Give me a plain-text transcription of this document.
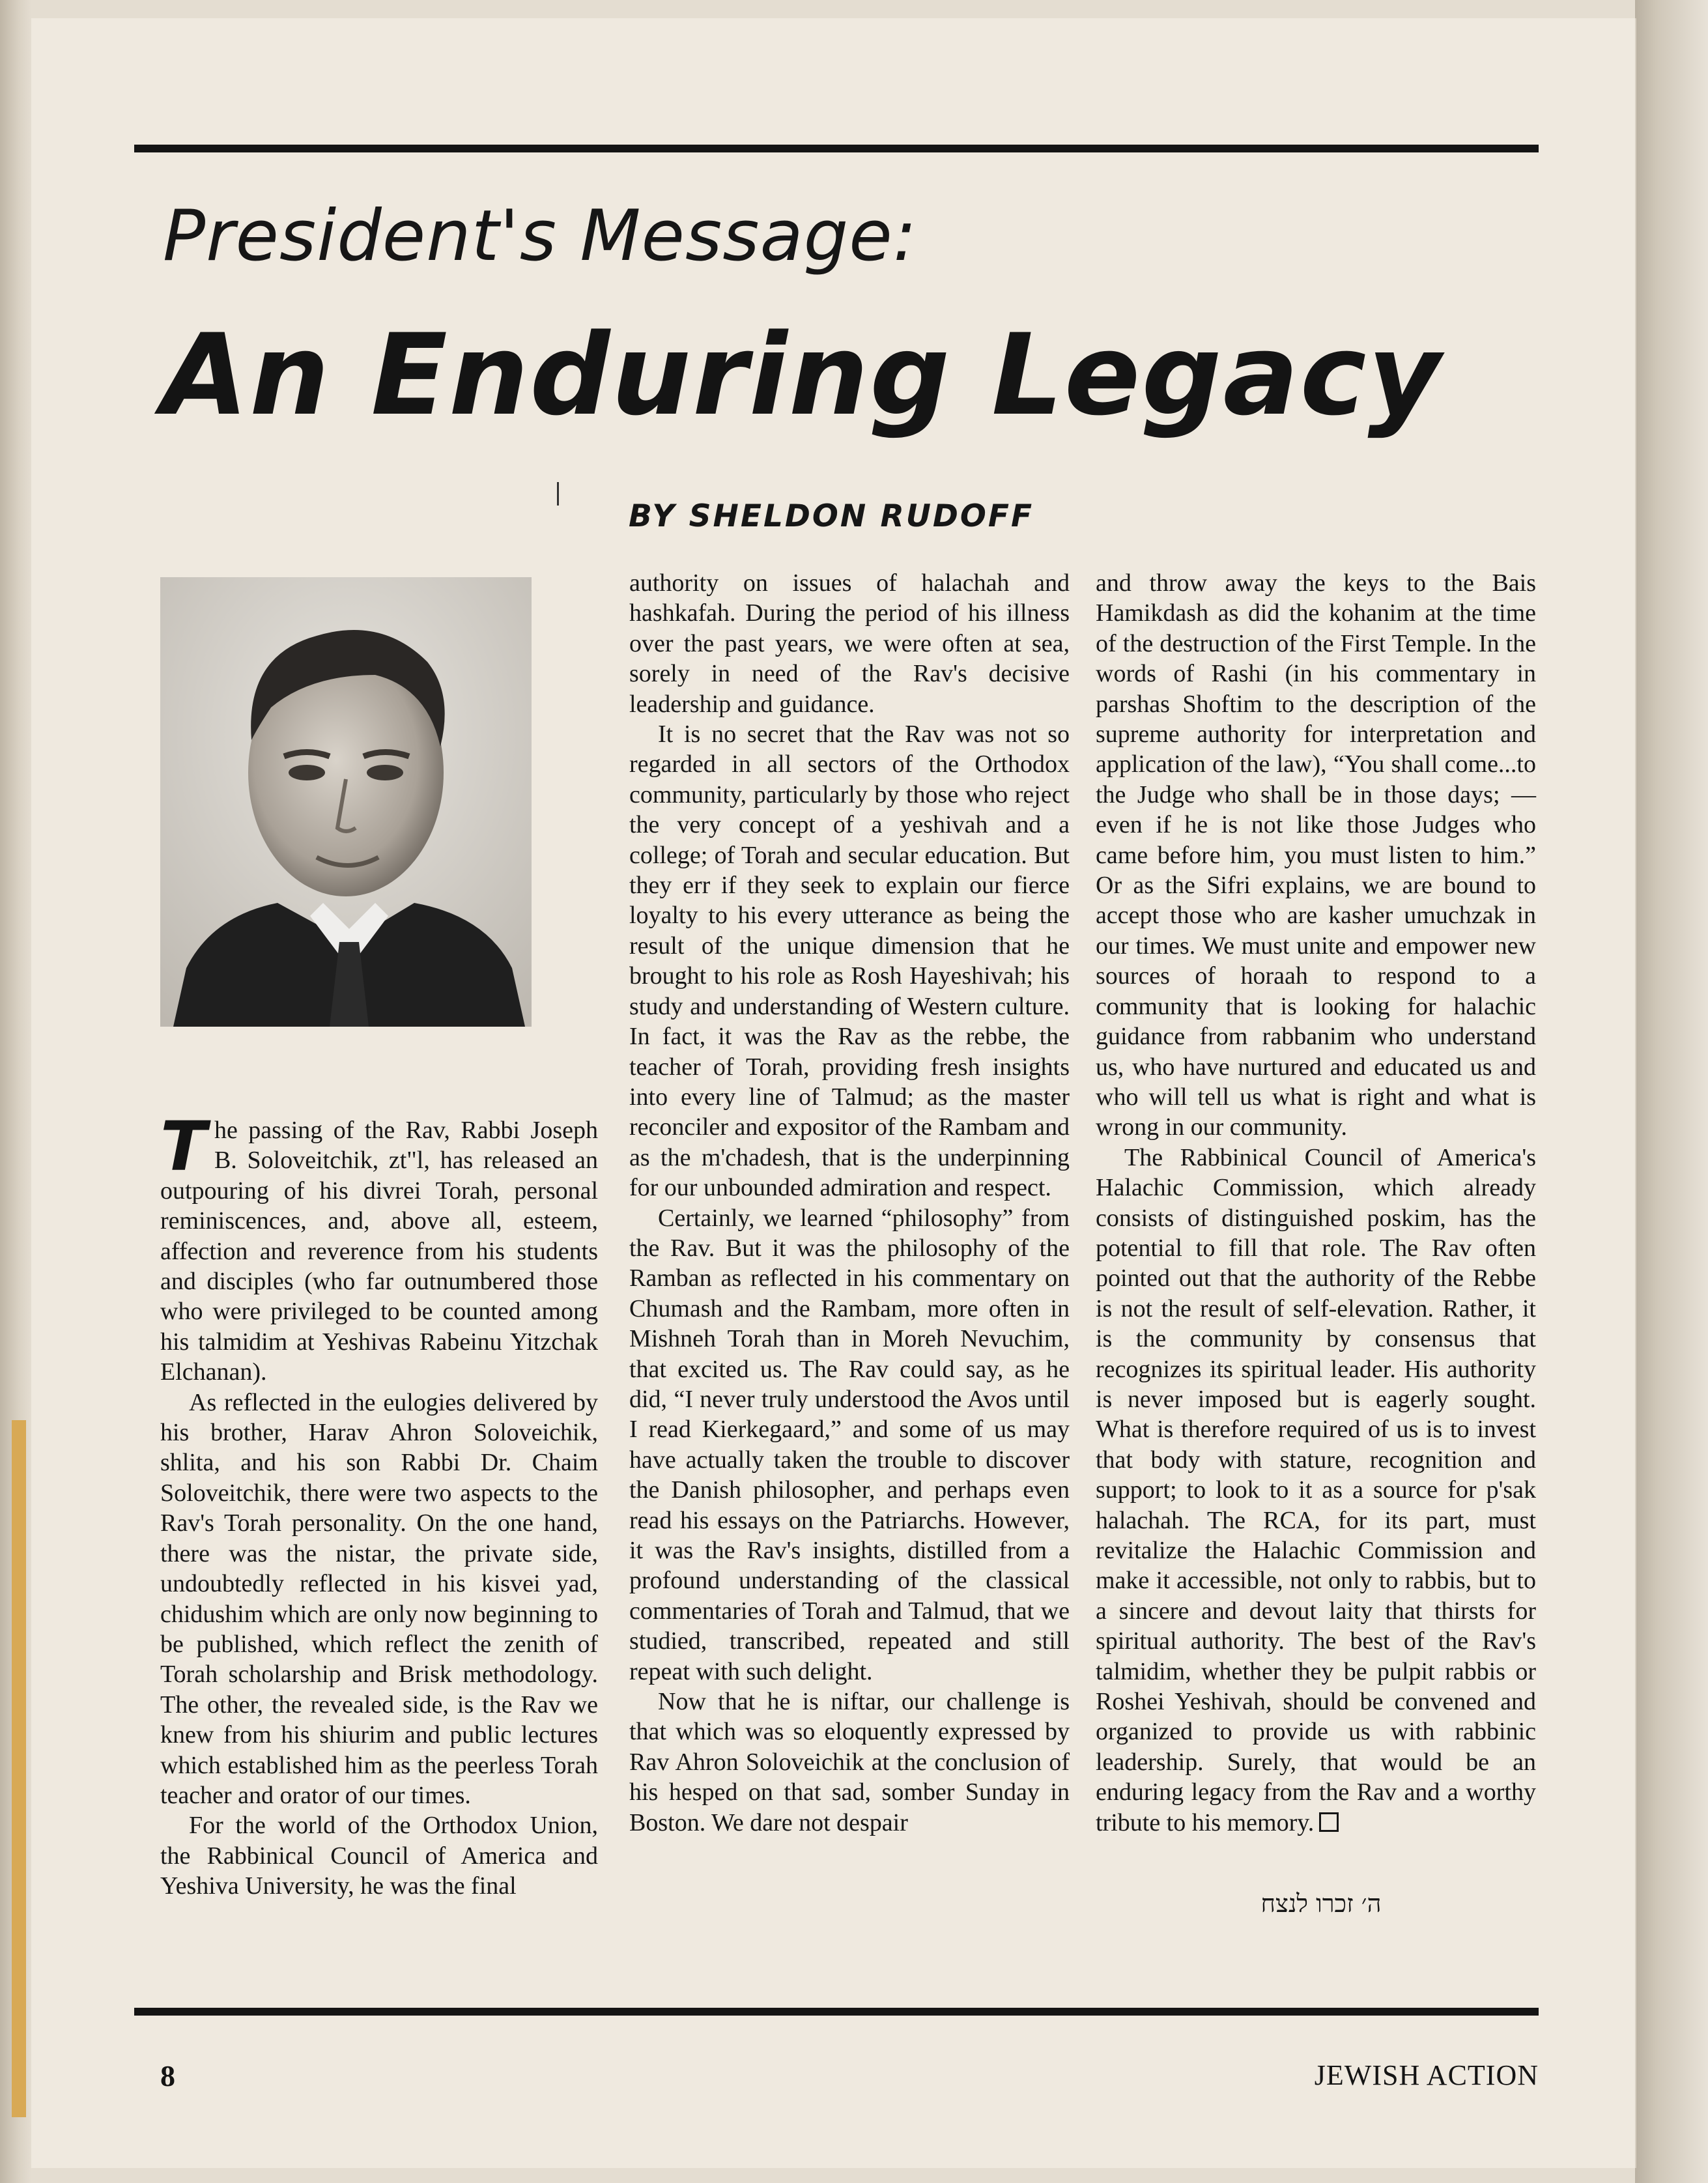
President's Message:
An Enduring Legacy
BY SHELDON RUDOFF

The passing of the Rav, Rabbi Joseph B. Soloveitchik, zt"l, has released an outpouring of his divrei Torah, personal reminiscences, and, above all, esteem, affection and reverence from his students and disciples (who far outnumbered those who were privileged to be counted among his talmidim at Yeshivas Rabeinu Yitzchak Elchanan).

As reflected in the eulogies delivered by his brother, Harav Ahron Soloveichik, shlita, and his son Rabbi Dr. Chaim Soloveitchik, there were two aspects to the Rav's Torah personality. On the one hand, there was the nistar, the private side, undoubtedly reflected in his kisvei yad, chidushim which are only now beginning to be published, which reflect the zenith of Torah scholarship and Brisk methodology. The other, the revealed side, is the Rav we knew from his shiurim and public lectures which established him as the peerless Torah teacher and orator of our times.

For the world of the Orthodox Union, the Rabbinical Council of America and Yeshiva University, he was the final

authority on issues of halachah and hashkafah. During the period of his illness over the past years, we were often at sea, sorely in need of the Rav's decisive leadership and guidance.

It is no secret that the Rav was not so regarded in all sectors of the Orthodox community, particularly by those who reject the very concept of a yeshivah and a college; of Torah and secular education. But they err if they seek to explain our fierce loyalty to his every utterance as being the result of the unique dimension that he brought to his role as Rosh Hayeshivah; his study and understanding of Western culture. In fact, it was the Rav as the rebbe, the teacher of Torah, providing fresh insights into every line of Talmud; as the master reconciler and expositor of the Rambam and as the m'chadesh, that is the underpinning for our unbounded admiration and respect.

Certainly, we learned “philosophy” from the Rav. But it was the philosophy of the Ramban as reflected in his commentary on Chumash and the Rambam, more often in Mishneh Torah than in Moreh Nevuchim, that excited us. The Rav could say, as he did, “I never truly understood the Avos until I read Kierkegaard,” and some of us may have actually taken the trouble to discover the Danish philosopher, and perhaps even read his essays on the Patriarchs. However, it was the Rav's insights, distilled from a profound understanding of the classical commentaries of Torah and Talmud, that we studied, transcribed, repeated and still repeat with such delight.

Now that he is niftar, our challenge is that which was so eloquently expressed by Rav Ahron Soloveichik at the conclusion of his hesped on that sad, somber Sunday in Boston. We dare not despair

and throw away the keys to the Bais Hamikdash as did the kohanim at the time of the destruction of the First Temple. In the words of Rashi (in his commentary in parshas Shoftim to the description of the supreme authority for interpretation and application of the law), “You shall come...to the Judge who shall be in those days; — even if he is not like those Judges who came before him, you must listen to him.” Or as the Sifri explains, we are bound to accept those who are kasher umuchzak in our times. We must unite and empower new sources of horaah to respond to a community that is looking for halachic guidance from rabbanim who understand us, who have nurtured and educated us and who will tell us what is right and what is wrong in our community.

The Rabbinical Council of America's Halachic Commission, which already consists of distinguished poskim, has the potential to fill that role. The Rav often pointed out that the authority of the Rebbe is not the result of self-elevation. Rather, it is the community by consensus that recognizes its spiritual leader. His authority is never imposed but is eagerly sought. What is therefore required of us is to invest that body with stature, recognition and support; to look to it as a source for p'sak halachah. The RCA, for its part, must revitalize the Halachic Commission and make it accessible, not only to rabbis, but to a sincere and devout laity that thirsts for spiritual authority. The best of the Rav's talmidim, whether they be pulpit rabbis or Roshei Yeshivah, should be convened and organized to provide us with rabbinic leadership. Surely, that would be an enduring legacy from the Rav and a worthy tribute to his memory.

ה׳ זכרו לנצח
8	JEWISH ACTION
